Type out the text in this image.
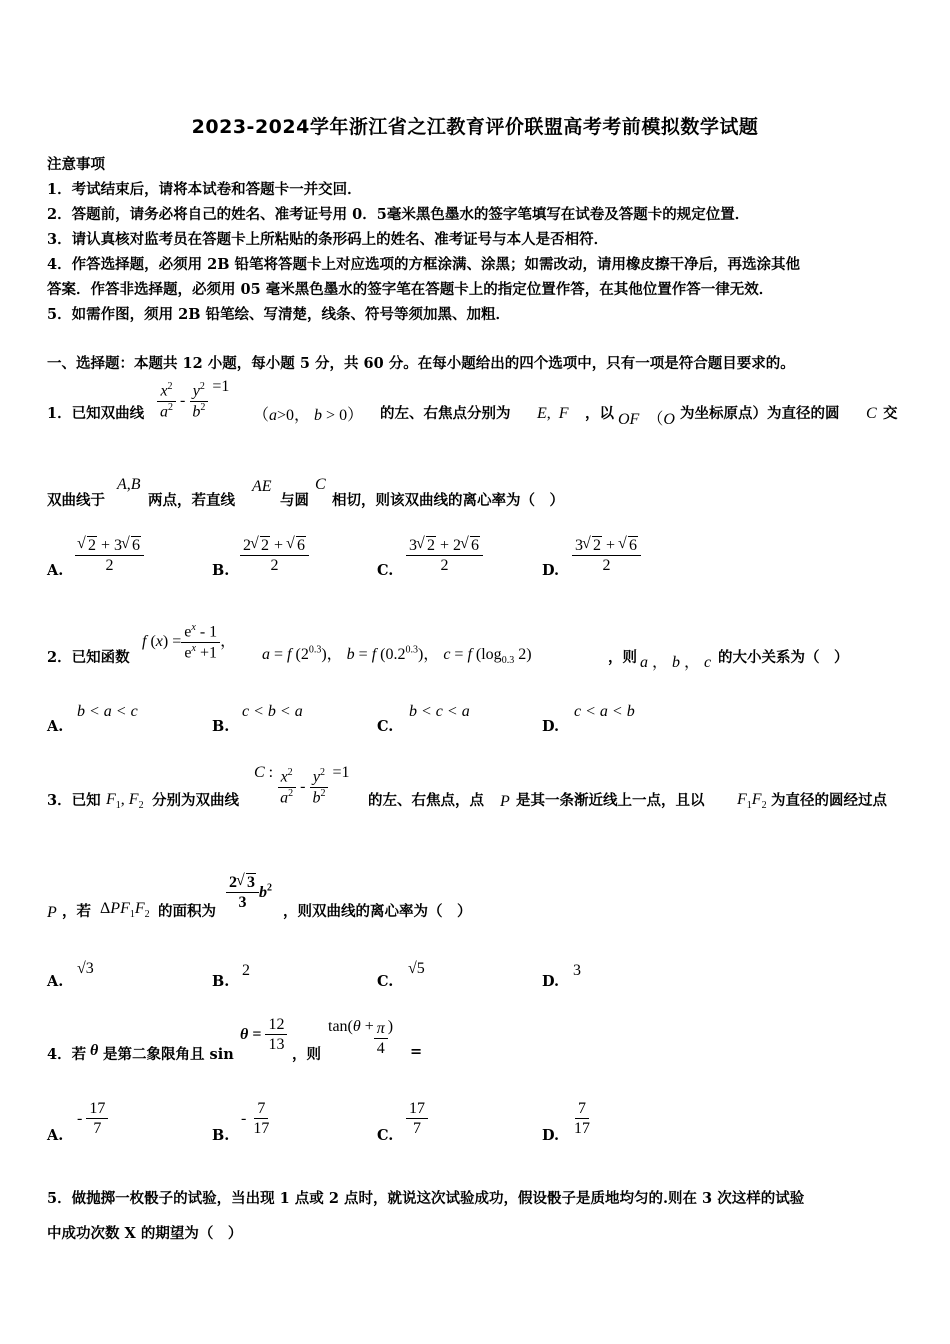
2023-2024学年浙江省之江教育评价联盟高考考前模拟数学试题
注意事项
1．考试结束后，请将本试卷和答题卡一并交回．
2．答题前，请务必将自己的姓名、准考证号用 0．5毫米黑色墨水的签字笔填写在试卷及答题卡的规定位置．
3．请认真核对监考员在答题卡上所粘贴的条形码上的姓名、准考证号与本人是否相符．
4．作答选择题，必须用 2B 铅笔将答题卡上对应选项的方框涂满、涂黑；如需改动，请用橡皮擦干净后，再选涂其他
答案．作答非选择题，必须用 05 毫米黑色墨水的签字笔在答题卡上的指定位置作答，在其他位置作答一律无效．
5．如需作图，须用 2B 铅笔绘、写清楚，线条、符号等须加黑、加粗．
一、选择题：本题共 12 小题，每小题 5 分，共 60 分。在每小题给出的四个选项中，只有一项是符合题目要求的。
1．已知双曲线 $\frac{x^2}{a^2} - \frac{y^2}{b^2} =1$
（a>0， b > 0） 的左、右焦点分别为 E,  F ，以 OF  （O 为坐标原点）为直径的圆 C 交
双曲线于
A,B
两点，若直线
AE
与圆
C
相切，则该双曲线的离心率为（　）
A. √ $\frac{2 + 3 √ 6}{2}$	B. $\frac{2 √ 2 + √ 6}{2}$	C. $\frac{3 √ 2 + 2 √ 6}{2}$	D. $\frac{3 √ 2 + √ 6}{2}$
2．已知函数
f $(x) = \frac{e^x - 1}{e^x +1}$ ，
a = f $(2^{0.3})$， b = f $(0.2^{0.3})$， c = f ($\log_{0.3}$ 2)	，则 a ， b ， c 的大小关系为（　）
A.
b < a < c
B.
c < b < a
C.
b < c < a
D.
c < a < b
3．已知 $F_1$, $F_2$ 分别为双曲线
C : $\frac{x^2}{a^2} - \frac{y^2}{b^2} =1$
的左、右焦点，点 P 是其一条渐近线上一点，且以 $F_1F_2$ 为直径的圆经过点
P ，若 $\Delta PF_1F_2$ 的面积为 $\frac{2 √ 3}{3} b^2$
，则双曲线的离心率为（　）
A.
√3
B.
2
C.
√5
D.
3
4．若 θ 是第二象限角且 sin
$\theta = \frac{12}{13}$ ，则
$\tan(\theta + \frac{\pi}{4}$ )
=
A.
- $\frac{17}{7}$	B.
- $\frac{7}{17}$	C. $\frac{17}{7}$	D. $\frac{7}{17}$
5．做抛掷一枚骰子的试验，当出现 1 点或 2 点时，就说这次试验成功，假设骰子是质地均匀的.则在 3 次这样的试验
中成功次数 X 的期望为（　）
